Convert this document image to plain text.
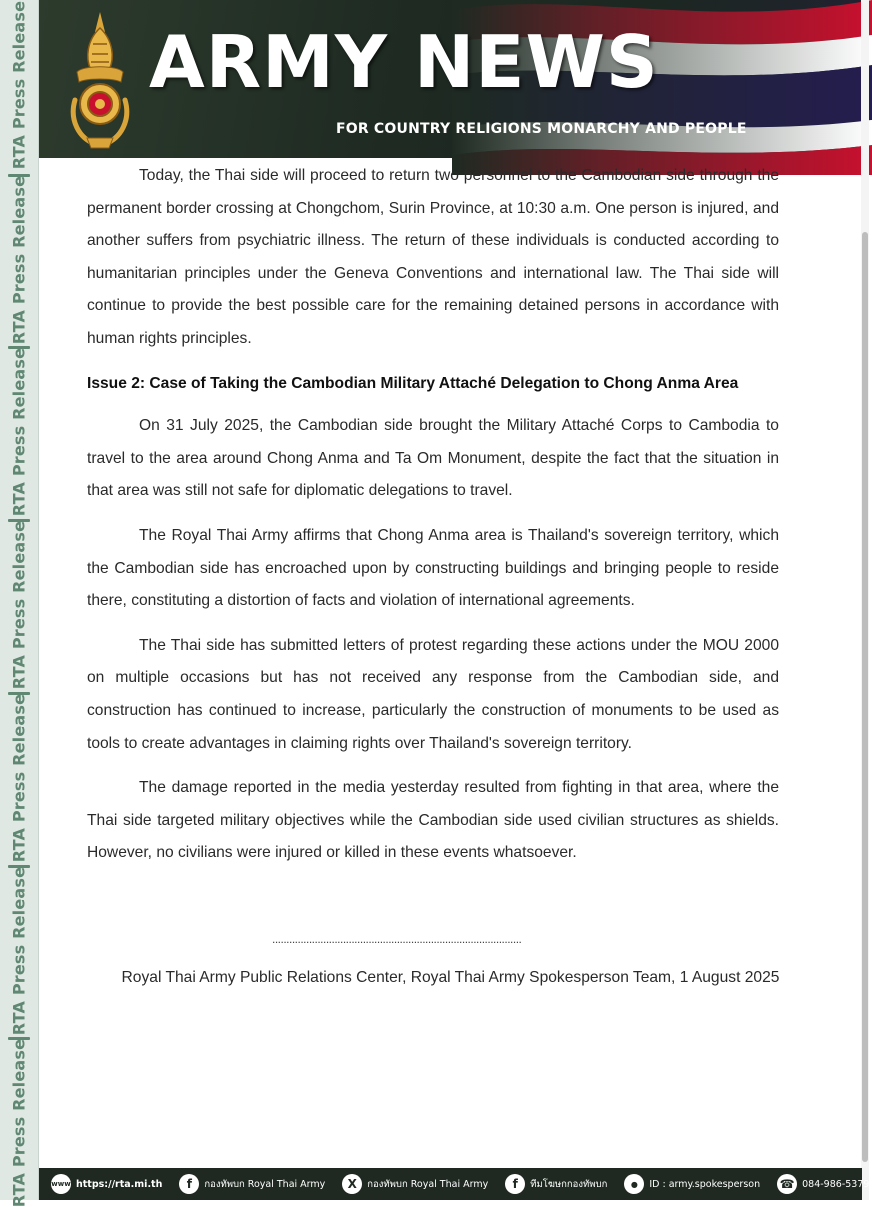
RTA Press Release
RTA Press Release
RTA Press Release
RTA Press Release
RTA Press Release
RTA Press Release
RTA Press Release
ARMY NEWS
FOR COUNTRY RELIGIONS MONARCHY AND PEOPLE

Today, the Thai side will proceed to return two personnel to the Cambodian side through the permanent border crossing at Chongchom, Surin Province, at 10:30 a.m. One person is injured, and another suffers from psychiatric illness. The return of these individuals is conducted according to humanitarian principles under the Geneva Conventions and international law. The Thai side will continue to provide the best possible care for the remaining detained persons in accordance with human rights principles.

Issue 2: Case of Taking the Cambodian Military Attaché Delegation to Chong Anma Area

On 31 July 2025, the Cambodian side brought the Military Attaché Corps to Cambodia to travel to the area around Chong Anma and Ta Om Monument, despite the fact that the situation in that area was still not safe for diplomatic delegations to travel.

The Royal Thai Army affirms that Chong Anma area is Thailand's sovereign territory, which the Cambodian side has encroached upon by constructing buildings and bringing people to reside there, constituting a distortion of facts and violation of international agreements.

The Thai side has submitted letters of protest regarding these actions under the MOU 2000 on multiple occasions but has not received any response from the Cambodian side, and construction has continued to increase, particularly the construction of monuments to be used as tools to create advantages in claiming rights over Thailand's sovereign territory.

The damage reported in the media yesterday resulted from fighting in that area, where the Thai side targeted military objectives while the Cambodian side used civilian structures as shields. However, no civilians were injured or killed in these events whatsoever.

........................................................................................
Royal Thai Army Public Relations Center, Royal Thai Army Spokesperson Team, 1 August 2025
www https://rta.mi.th	f	กองทัพบก Royal Thai Army	X	กองทัพบก Royal Thai Army	f	ทีมโฆษกกองทัพบก	●	ID : army.spokesperson ☎ 084-986-5379
